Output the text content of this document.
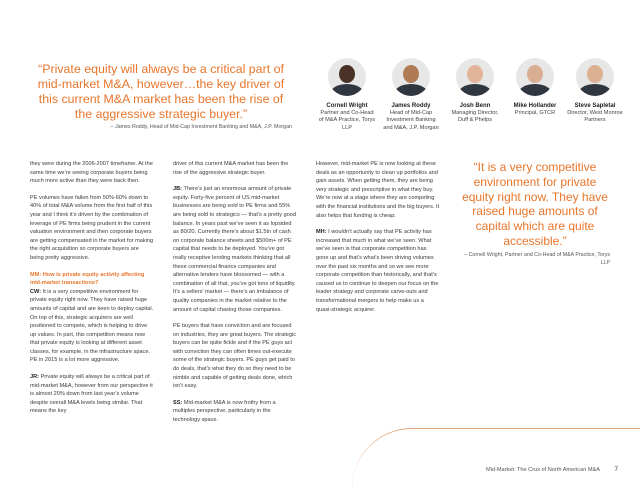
“Private equity will always be a critical part of mid-market M&A, however…the key driver of this current M&A market has been the rise of the aggressive strategic buyer.”
– James Roddy, Head of Mid-Cap Investment Banking and M&A, J.P. Morgan
Cornell Wright
Partner and Co-Head of M&A Practice, Torys LLP
James Roddy
Head of Mid-Cap Investment Banking and M&A, J.P. Morgan
Josh Benn
Managing Director, Duff & Phelps
Mike Hollander
Principal, GTCR
Steve Sapletal
Director, West Monroe Partners

they were during the 2006-2007 timeframe. At the same time we’re seeing corporate buyers being much more active than they were back then.

PE volumes have fallen from 50%-60% down to 40% of total M&A volume from the first half of this year and I think it’s driven by the combination of leverage of PE firms being prudent in the current valuation environment and then corporate buyers are getting compensated in the market for making the right acquisition so corporate buyers are being pretty aggressive.

MM: How is private equity activity affecting mid-market transactions?

CW: It is a very competitive environment for private equity right now. They have raised huge amounts of capital and are keen to deploy capital. On top of this, strategic acquirers are well positioned to compete, which is helping to drive up values. In part, this competition means now that private equity is looking at different asset classes, for example, in the infrastructure space. PE in 2015 is a lot more aggressive.

JR: Private equity will always be a critical part of mid-market M&A, however from our perspective it is almost 20% down from last year’s volume despite overall M&A levels being similar. That means the key

driver of this current M&A market has been the rise of the aggressive strategic buyer.

JB: There’s just an enormous amount of private equity. Forty-five percent of US mid-market businesses are being sold to PE firms and 55% are being sold to strategics — that’s a pretty good balance. In years past we’ve seen it as lopsided as 80/20. Currently there’s about $1.5tn of cash on corporate balance sheets and $500m+ of PE capital that needs to be deployed. You’ve got really receptive lending markets thinking that all these commercial finance companies and alternative lenders have blossomed — with a combination of all that, you’ve got tons of liquidity. It’s a sellers’ market — there’s an imbalance of quality companies in the market relative to the amount of capital chasing those companies.

PE buyers that have conviction and are focused on industries, they are great buyers. The strategic buyers can be quite fickle and if the PE guys act with conviction they can often times out-execute some of the strategic buyers. PE guys get paid to do deals, that’s what they do so they need to be nimble and capable of getting deals done, which isn’t easy.

SS: Mid-market M&A is now frothy from a multiples perspective, particularly in the technology space.

However, mid-market PE is now looking at these deals as an opportunity to clean up portfolios and gain assets. When getting them, they are being very strategic and prescriptive in what they buy. We’re now at a stage where they are competing with the financial institutions and the big buyers. It also helps that funding is cheap.

MH: I wouldn’t actually say that PE activity has increased that much in what we’ve seen. What we’ve seen is that corporate competition has gone up and that’s what’s been driving volumes over the past six months and so we see more corporate competition than historically, and that’s caused us to continue to deepen our focus on the leader strategy and corporate carve-outs and transformational mergers to help make us a quasi-strategic acquirer.

“It is a very competitive environment for private equity right now. They have raised huge amounts of capital which are quite accessible.”
– Cornell Wright, Partner and Co-Head of M&A Practice, Torys LLP
Mid-Market: The Crux of North American M&A 7
